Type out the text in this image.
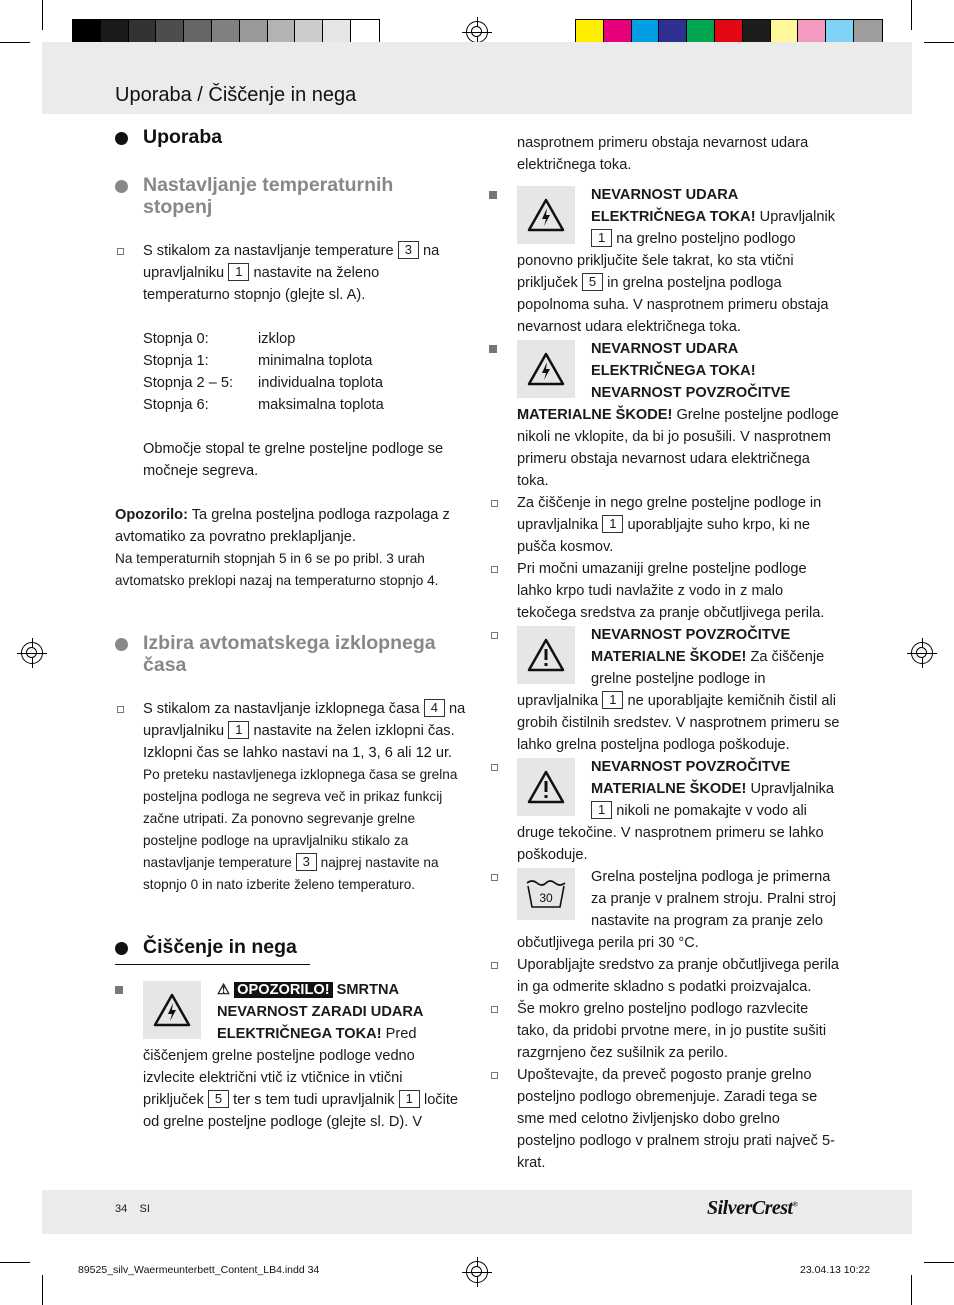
Uporaba / Čiščenje in nega
Uporaba
Nastavljanje temperaturnih stopenj
S stikalom za nastavljanje temperature 3 na upravljalniku 1 nastavite na želeno temperaturno stopnjo (glejte sl. A).
Stopnja 0:	izklop
Stopnja 1:	minimalna toplota
Stopnja 2 – 5:	individualna toplota
Stopnja 6:	maksimalna toplota
Območje stopal te grelne posteljne podloge se močneje segreva.
Opozorilo: Ta grelna posteljna podloga razpolaga z avtomatiko za povratno preklapljanje.
Na temperaturnih stopnjah 5 in 6 se po pribl. 3 urah avtomatsko preklopi nazaj na temperaturno stopnjo 4.
Izbira avtomatskega izklopnega časa
S stikalom za nastavljanje izklopnega časa 4 na upravljalniku 1 nastavite na želen izklopni čas. Izklopni čas se lahko nastavi na 1, 3, 6 ali 12 ur.
Po preteku nastavljenega izklopnega časa se grelna posteljna podloga ne segreva več in prikaz funkcij začne utripati. Za ponovno segrevanje grelne posteljne podloge na upravljalniku stikalo za nastavljanje temperature 3 najprej nastavite na stopnjo 0 in nato izberite želeno temperaturo.
Čiščenje in nega
⚠ OPOZORILO! SMRTNA NEVARNOST ZARADI UDARA ELEKTRIČNEGA TOKA! Pred čiščenjem grelne posteljne podloge vedno izvlecite električni vtič iz vtičnice in vtični priključek 5 ter s tem tudi upravljalnik 1 ločite od grelne posteljne podloge (glejte sl. D). V
nasprotnem primeru obstaja nevarnost udara električnega toka.
NEVARNOST UDARA ELEKTRIČNEGA TOKA! Upravljalnik 1 na grelno posteljno podlogo ponovno priključite šele takrat, ko sta vtični priključek 5 in grelna posteljna podloga popolnoma suha. V nasprotnem primeru obstaja nevarnost udara električnega toka.
NEVARNOST UDARA ELEKTRIČNEGA TOKA! NEVARNOST POVZROČITVE MATERIALNE ŠKODE! Grelne posteljne podloge nikoli ne vklopite, da bi jo posušili. V nasprotnem primeru obstaja nevarnost udara električnega toka.
Za čiščenje in nego grelne posteljne podloge in upravljalnika 1 uporabljajte suho krpo, ki ne pušča kosmov.
Pri močni umazaniji grelne posteljne podloge lahko krpo tudi navlažite z vodo in z malo tekočega sredstva za pranje občutljivega perila.
NEVARNOST POVZROČITVE MATERIALNE ŠKODE! Za čiščenje grelne posteljne podloge in upravljalnika 1 ne uporabljajte kemičnih čistil ali grobih čistilnih sredstev. V nasprotnem primeru se lahko grelna posteljna podloga poškoduje.
NEVARNOST POVZROČITVE MATERIALNE ŠKODE! Upravljalnika 1 nikoli ne pomakajte v vodo ali druge tekočine. V nasprotnem primeru se lahko poškoduje.
30
Grelna posteljna podloga je primerna za pranje v pralnem stroju. Pralni stroj nastavite na program za pranje zelo občutljivega perila pri 30 °C.
Uporabljajte sredstvo za pranje občutljivega perila in ga odmerite skladno s podatki proizvajalca.
Še mokro grelno posteljno podlogo razvlecite tako, da pridobi prvotne mere, in jo pustite sušiti razgrnjeno čez sušilnik za perilo.
Upoštevajte, da preveč pogosto pranje grelno posteljno podlogo obremenjuje. Zaradi tega se sme med celotno življenjsko dobo grelno posteljno podlogo v pralnem stroju prati največ 5-krat.
34 SI	SilverCrest®
89525_silv_Waermeunterbett_Content_LB4.indd 34	23.04.13 10:22
